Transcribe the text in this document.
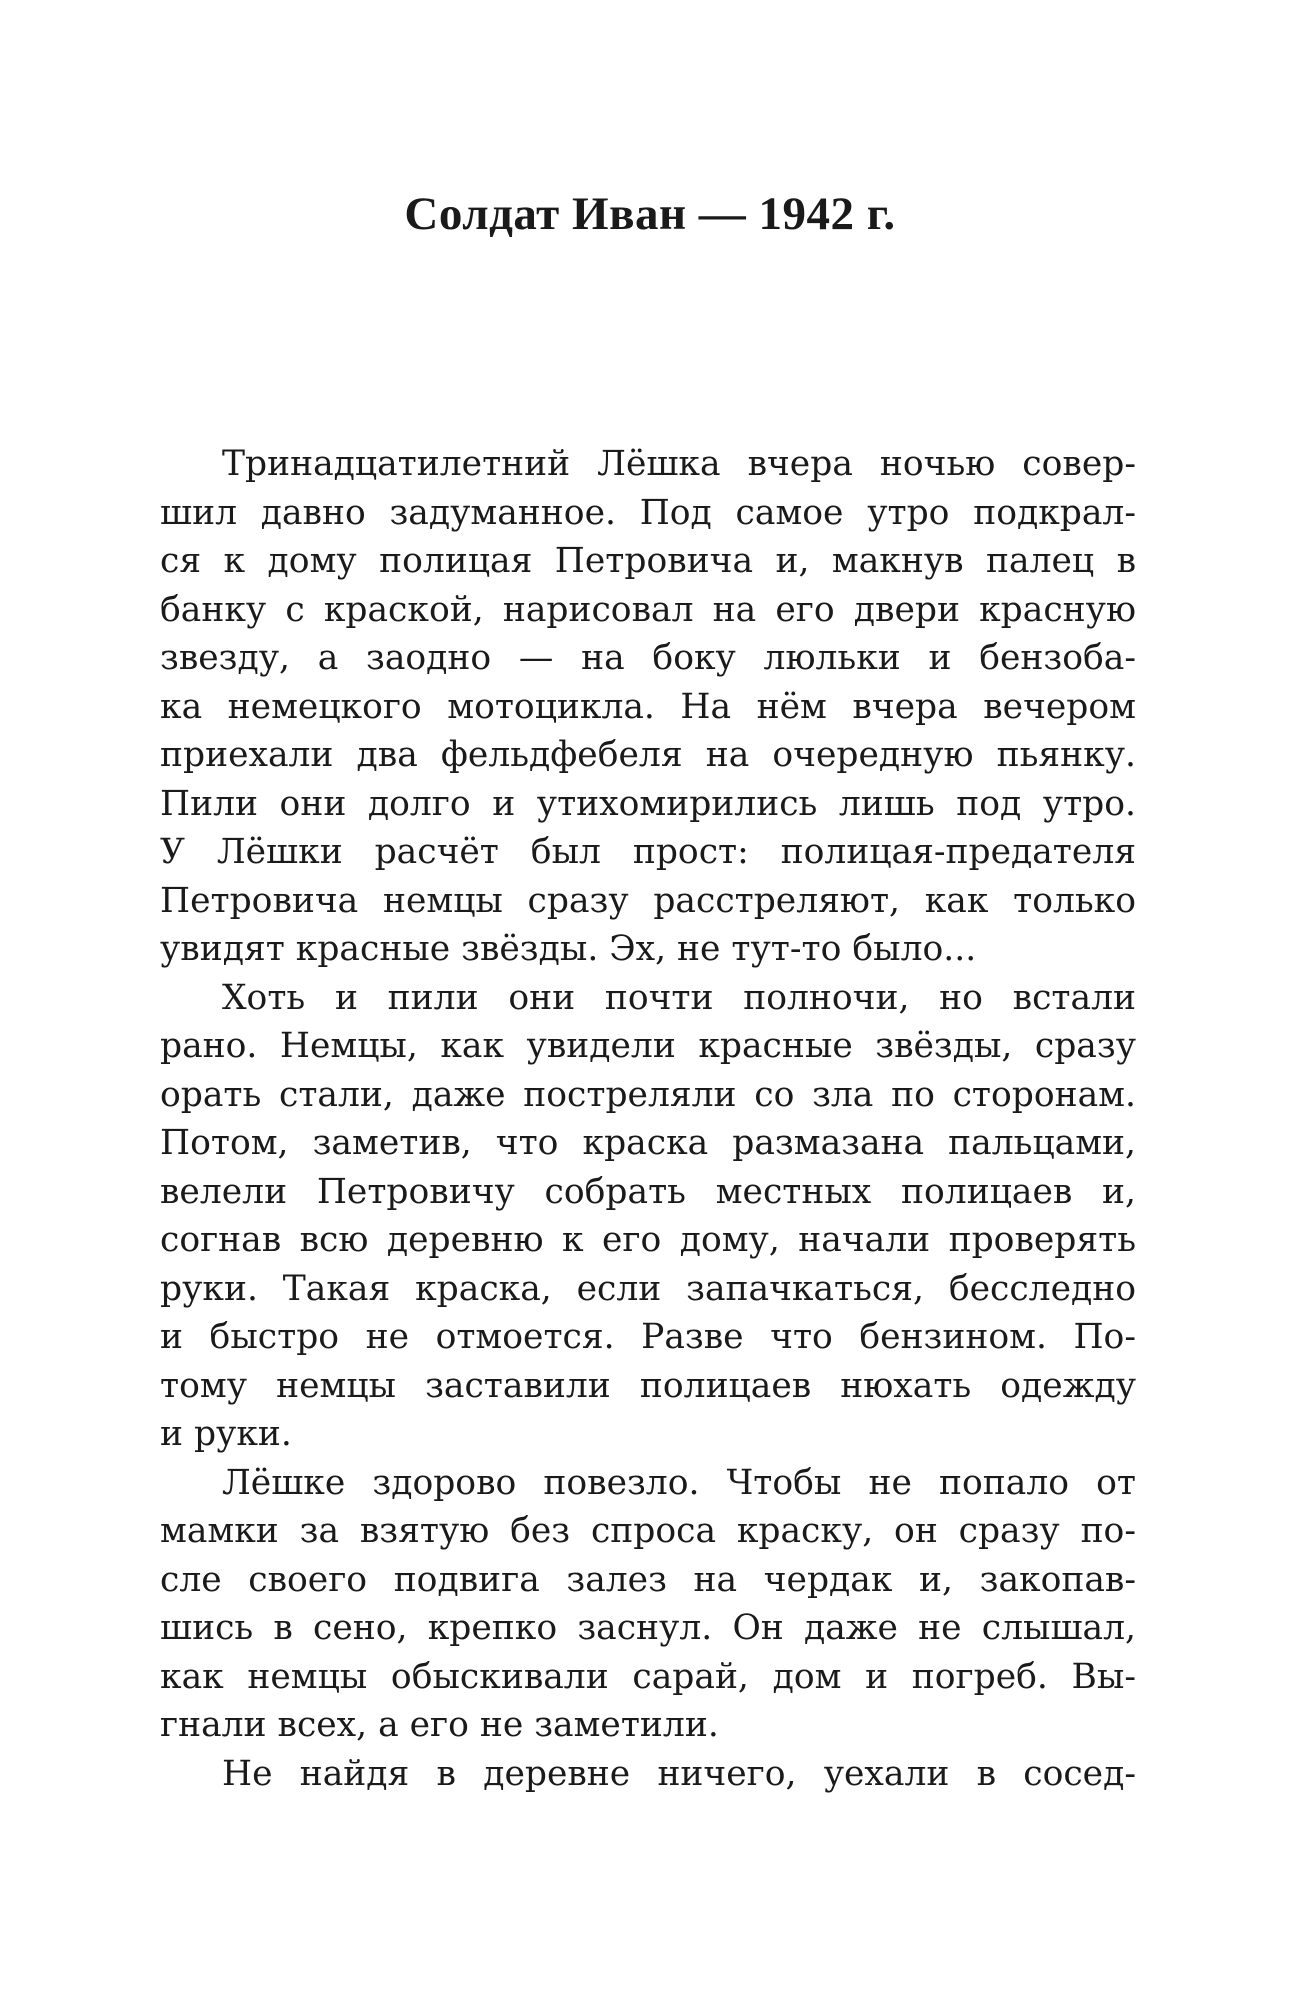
Солдат Иван — 1942 г.
Тринадцатилетний Лёшка вчера ночью совер-
шил давно задуманное. Под самое утро подкрал-
ся к дому полицая Петровича и, макнув палец в
банку с краской, нарисовал на его двери красную
звезду, а заодно — на боку люльки и бензоба-
ка немецкого мотоцикла. На нём вчера вечером
приехали два фельдфебеля на очередную пьянку.
Пили они долго и утихомирились лишь под утро.
У Лёшки расчёт был прост: полицая-предателя
Петровича немцы сразу расстреляют, как только
увидят красные звёзды. Эх, не тут-то было...
Хоть и пили они почти полночи, но встали
рано. Немцы, как увидели красные звёзды, сразу
орать стали, даже постреляли со зла по сторонам.
Потом, заметив, что краска размазана пальцами,
велели Петровичу собрать местных полицаев и,
согнав всю деревню к его дому, начали проверять
руки. Такая краска, если запачкаться, бесследно
и быстро не отмоется. Разве что бензином. По-
тому немцы заставили полицаев нюхать одежду
и руки.
Лёшке здорово повезло. Чтобы не попало от
мамки за взятую без спроса краску, он сразу по-
сле своего подвига залез на чердак и, закопав-
шись в сено, крепко заснул. Он даже не слышал,
как немцы обыскивали сарай, дом и погреб. Вы-
гнали всех, а его не заметили.
Не найдя в деревне ничего, уехали в сосед-
